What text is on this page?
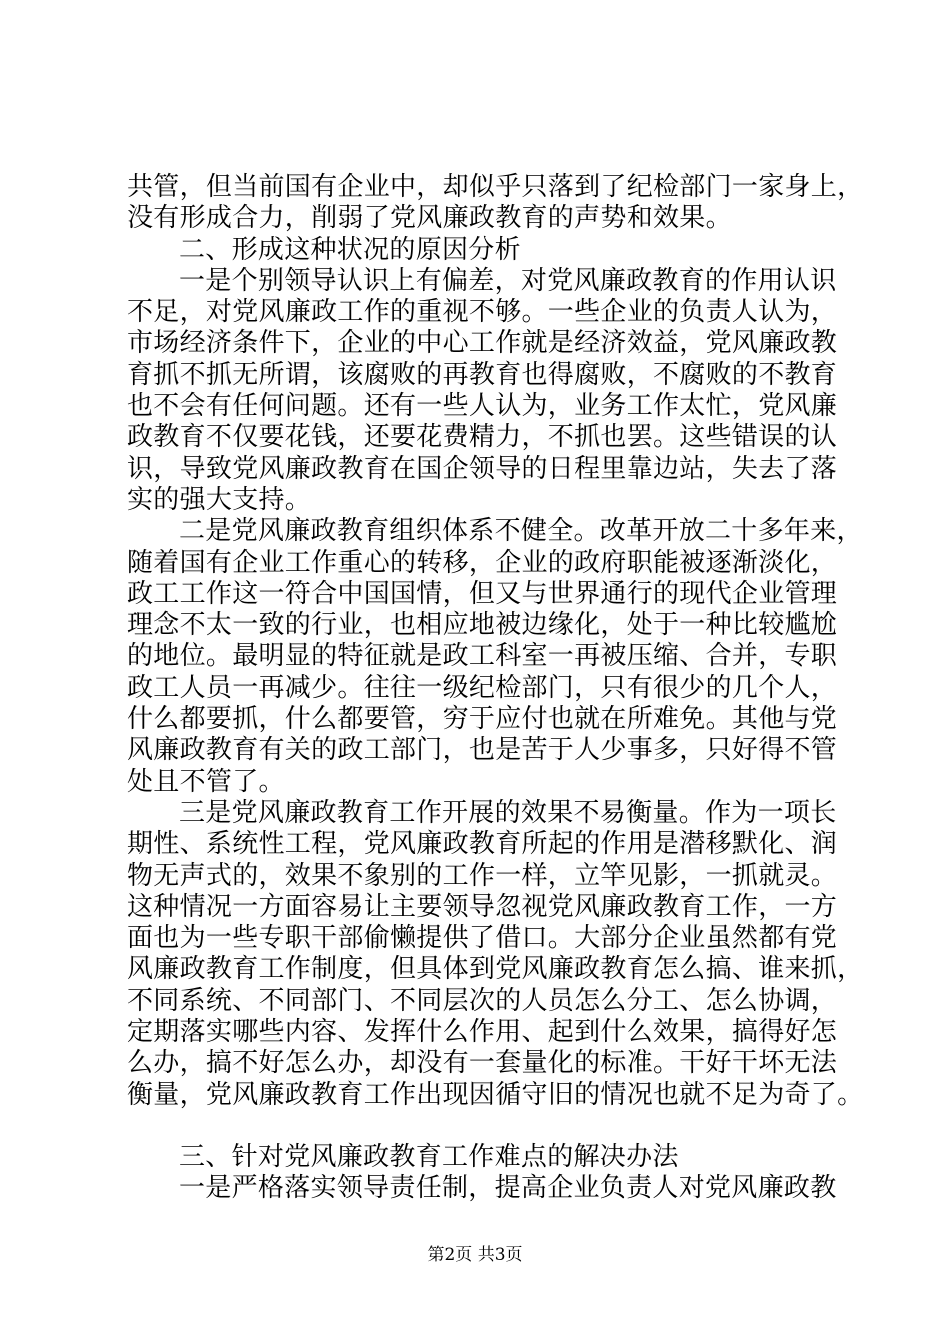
共管，但当前国有企业中，却似乎只落到了纪检部门一家身上，
没有形成合力，削弱了党风廉政教育的声势和效果。
二、形成这种状况的原因分析
一是个别领导认识上有偏差，对党风廉政教育的作用认识
不足，对党风廉政工作的重视不够。一些企业的负责人认为，
市场经济条件下，企业的中心工作就是经济效益，党风廉政教
育抓不抓无所谓，该腐败的再教育也得腐败，不腐败的不教育
也不会有任何问题。还有一些人认为，业务工作太忙，党风廉
政教育不仅要花钱，还要花费精力，不抓也罢。这些错误的认
识，导致党风廉政教育在国企领导的日程里靠边站，失去了落
实的强大支持。
二是党风廉政教育组织体系不健全。改革开放二十多年来，
随着国有企业工作重心的转移，企业的政府职能被逐渐淡化，
政工工作这一符合中国国情，但又与世界通行的现代企业管理
理念不太一致的行业，也相应地被边缘化，处于一种比较尴尬
的地位。最明显的特征就是政工科室一再被压缩、合并，专职
政工人员一再减少。往往一级纪检部门，只有很少的几个人，
什么都要抓，什么都要管，穷于应付也就在所难免。其他与党
风廉政教育有关的政工部门，也是苦于人少事多，只好得不管
处且不管了。
三是党风廉政教育工作开展的效果不易衡量。作为一项长
期性、系统性工程，党风廉政教育所起的作用是潜移默化、润
物无声式的，效果不象别的工作一样，立竿见影，一抓就灵。
这种情况一方面容易让主要领导忽视党风廉政教育工作，一方
面也为一些专职干部偷懒提供了借口。大部分企业虽然都有党
风廉政教育工作制度，但具体到党风廉政教育怎么搞、谁来抓，
不同系统、不同部门、不同层次的人员怎么分工、怎么协调，
定期落实哪些内容、发挥什么作用、起到什么效果，搞得好怎
么办，搞不好怎么办，却没有一套量化的标准。干好干坏无法
衡量，党风廉政教育工作出现因循守旧的情况也就不足为奇了。
三、针对党风廉政教育工作难点的解决办法
一是严格落实领导责任制，提高企业负责人对党风廉政教
第2页 共3页
